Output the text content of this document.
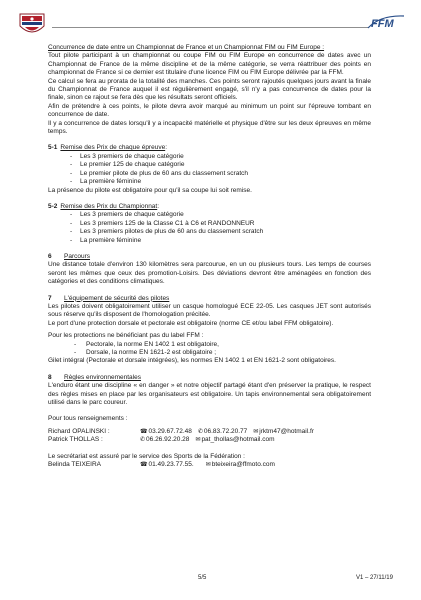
FFM

Concurrence de date entre un Championnat de France et un Championnat FIM ou FIM Europe :

Tout pilote participant à un championnat ou coupe FIM ou FIM Europe en concurrence de dates avec un Championnat de France de la même discipline et de la même catégorie, se verra réattribuer des points en championnat de France si ce dernier est titulaire d'une licence FIM ou FIM Europe délivrée par la FFM.

Ce calcul se fera au prorata de la totalité des manches. Ces points seront rajoutés quelques jours avant la finale du Championnat de France auquel il est régulièrement engagé, s'il n'y a pas concurrence de dates pour la finale, sinon ce rajout se fera dès que les résultats seront officiels.

Afin de prétendre à ces points, le pilote devra avoir marqué au minimum un point sur l'épreuve tombant en concurrence de date.

Il y a concurrence de dates lorsqu'il y a incapacité matérielle et physique d'être sur les deux épreuves en même temps.

5-1 Remise des Prix de chaque épreuve :
- Les 3 premiers de chaque catégorie
- Le premier 125 de chaque catégorie
- Le premier pilote de plus de 60 ans du classement scratch
- La première féminine

La présence du pilote est obligatoire pour qu'il sa coupe lui soit remise.

5-2 Remise des Prix du Championnat :
- Les 3 premiers de chaque catégorie
- Les 3 premiers 125 de la Classe C1 à C6 et RANDONNEUR
- Les 3 premiers pilotes de plus de 60 ans du classement scratch
- La première féminine
6	Parcours

Une distance totale d'environ 130 kilomètres sera parcourue, en un ou plusieurs tours. Les temps de courses seront les mêmes que ceux des promotion-Loisirs. Des déviations devront être aménagées en fonction des catégories et des conditions climatiques.

7	L'équipement de sécurité des pilotes

Les pilotes doivent obligatoirement utiliser un casque homologué ECE 22-05. Les casques JET sont autorisés sous réserve qu'ils disposent de l'homologation précitée.

Le port d'une protection dorsale et pectorale est obligatoire (norme CE et/ou label FFM obligatoire).

Pour les protections ne bénéficiant pas du label FFM :

- Pectorale, la norme EN 1402 1 est obligatoire,
- Dorsale, la norme EN 1621-2 est obligatoire ;

Gilet intégral (Pectorale et dorsale intégrées), les normes EN 1402 1 et EN 1621-2 sont obligatoires.

8	Règles environnementales

L'enduro étant une discipline « en danger » et notre objectif partagé étant d'en préserver la pratique, le respect des règles mises en place par les organisateurs est obligatoire. Un tapis environnemental sera obligatoirement utilisé dans le parc coureur.

Pour tous renseignements :

Richard OPALINSKI :	☎ 03.29.67.72.48 ✆ 06.83.72.20.77 ✉ jrktm47@hotmail.fr
Patrick THOLLAS :	✆ 06.26.92.20.28 ✉ pat_thollas@hotmail.com

Le secrétariat est assuré par le service des Sports de la Fédération :

Belinda TEIXEIRA	☎ 01.49.23.77.55. ✉ bteixeira@ffmoto.com
5/5	V1 – 27/11/19
